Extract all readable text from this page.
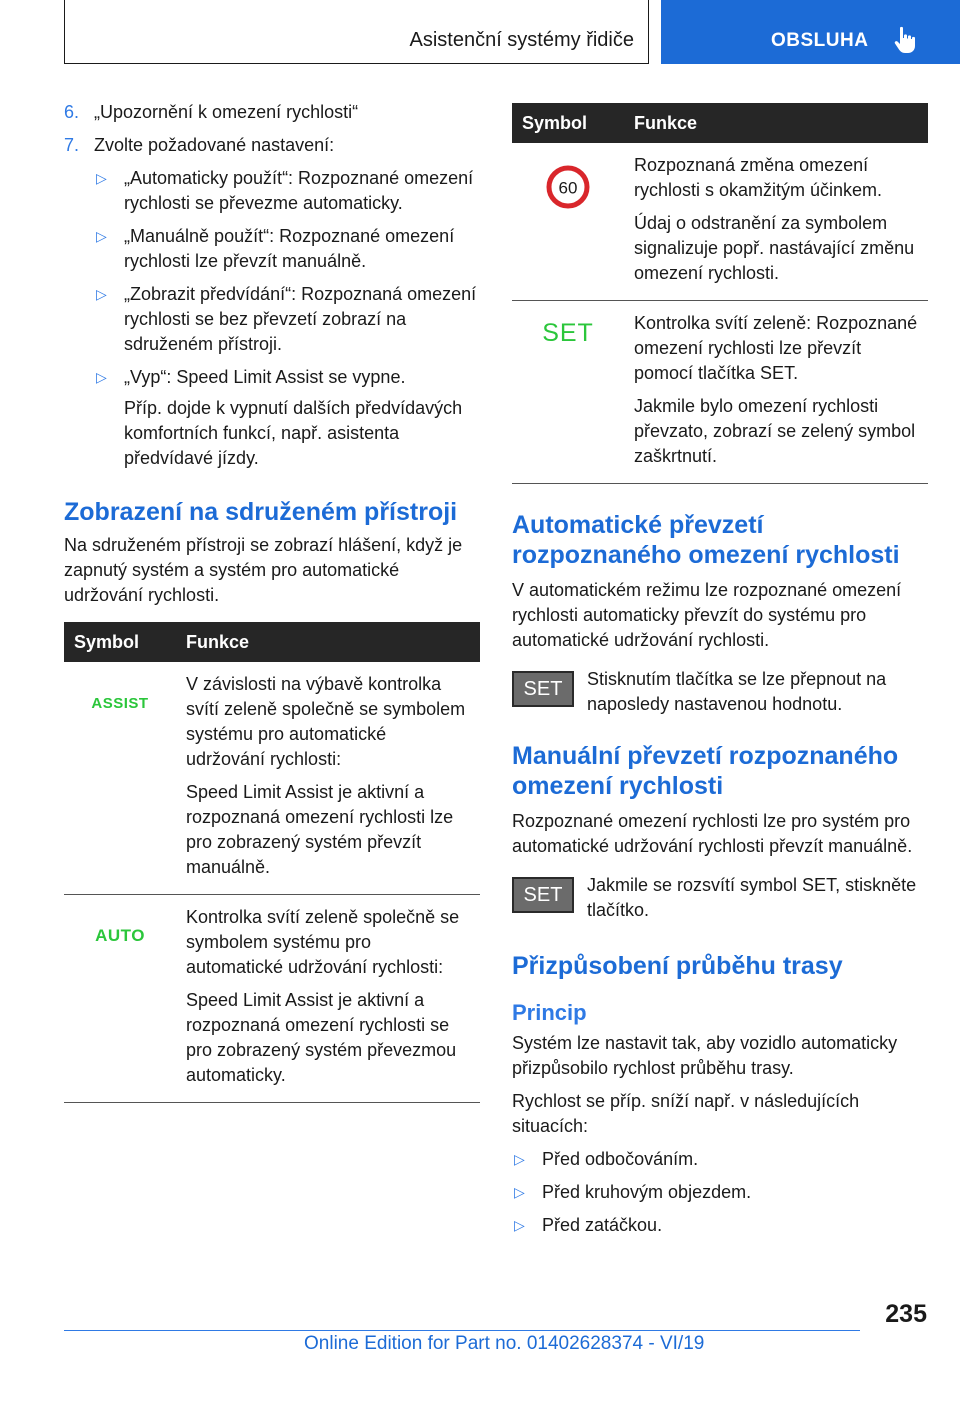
Asistenční systémy řidiče	OBSLUHA
6. „Upozornění k omezení rychlosti“
7. Zvolte požadované nastavení:
▷ „Automaticky použít“: Rozpoznané omezení rychlosti se převezme automaticky.
▷ „Manuálně použít“: Rozpoznané omezení rychlosti lze převzít manuálně.
▷ „Zobrazit předvídání“: Rozpoznaná omezení rychlosti se bez převzetí zobrazí na sdruženém přístroji.
▷ „Vyp“: Speed Limit Assist se vypne.

Příp. dojde k vypnutí dalších předvídavých komfortních funkcí, např. asistenta předvídavé jízdy.

Zobrazení na sdruženém přístroji

Na sdruženém přístroji se zobrazí hlášení, když je zapnutý systém a systém pro automatické udržování rychlosti.

Symbol	Funkce
ASSIST	V závislosti na výbavě kontrolka svítí zeleně společně se symbolem systému pro automatické udržování rychlosti:

Speed Limit Assist je aktivní a rozpoznaná omezení rychlosti lze pro zobrazený systém převzít manuálně.

AUTO	Kontrolka svítí zeleně společně se symbolem systému pro automatické udržování rychlosti:

Speed Limit Assist je aktivní a rozpoznaná omezení rychlosti se pro zobrazený systém převezmou automaticky.

Symbol	Funkce

60	Rozpoznaná změna omezení rychlosti s okamžitým účinkem.

Údaj o odstranění za symbolem signalizuje popř. nastávající změnu omezení rychlosti.

SET	Kontrolka svítí zeleně: Rozpoznané omezení rychlosti lze převzít pomocí tlačítka SET.

Jakmile bylo omezení rychlosti převzato, zobrazí se zelený symbol zaškrtnutí.

Automatické převzetí rozpoznaného omezení rychlosti

V automatickém režimu lze rozpoznané omezení rychlosti automaticky převzít do systému pro automatické udržování rychlosti.

SET	Stisknutím tlačítka se lze přepnout na naposledy nastavenou hodnotu.
Manuální převzetí rozpoznaného omezení rychlosti

Rozpoznané omezení rychlosti lze pro systém pro automatické udržování rychlosti převzít manuálně.

SET	Jakmile se rozsvítí symbol SET, stiskněte tlačítko.
Přizpůsobení průběhu trasy
Princip

Systém lze nastavit tak, aby vozidlo automaticky přizpůsobilo rychlost průběhu trasy.

Rychlost se příp. sníží např. v následujících situacích:

▷ Před odbočováním.
▷ Před kruhovým objezdem.
▷ Před zatáčkou.
235
Online Edition for Part no. 01402628374 - VI/19
